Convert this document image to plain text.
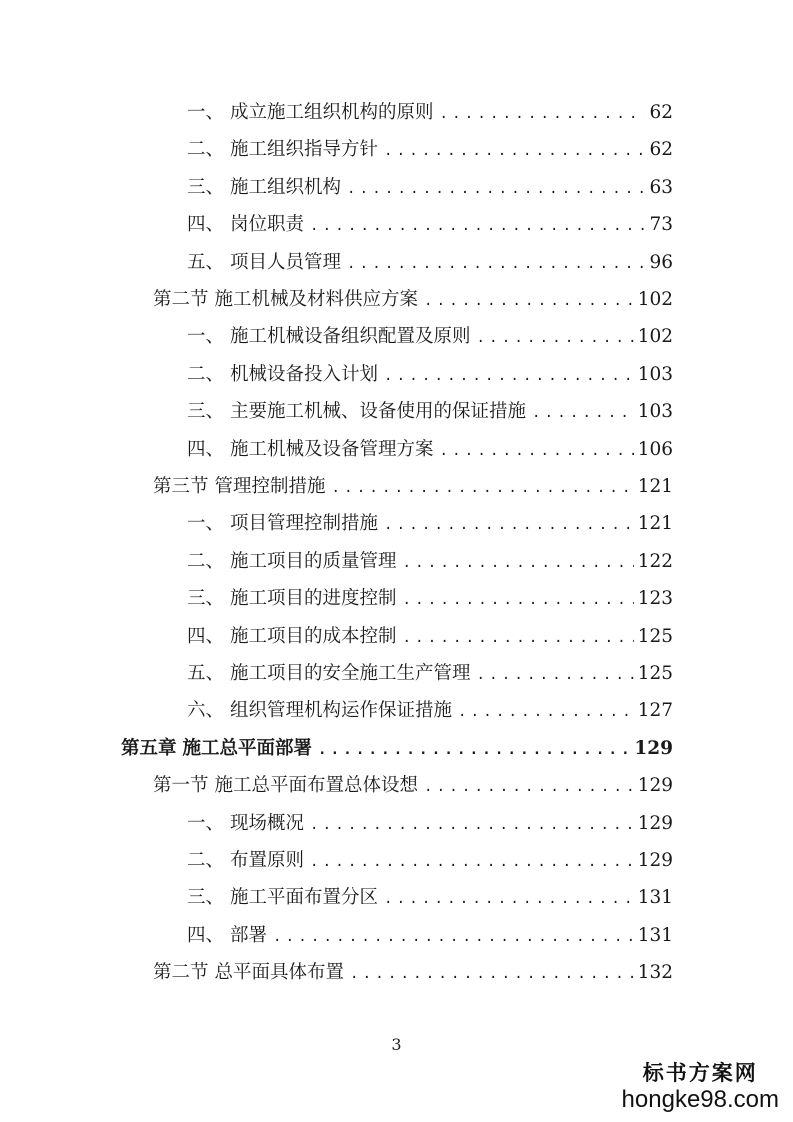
一、 成立施工组织机构的原则 .....	62
二、 施工组织指导方针 .....	62
三、 施工组织机构 .....	63
四、 岗位职责 .....	73
五、 项目人员管理 .....	96
第二节 施工机械及材料供应方案 .....	102
一、 施工机械设备组织配置及原则 .....	102
二、 机械设备投入计划 .....	103
三、 主要施工机械、设备使用的保证措施 .....	103
四、 施工机械及设备管理方案 .....	106
第三节 管理控制措施 .....	121
一、 项目管理控制措施 .....	121
二、 施工项目的质量管理 .....	122
三、 施工项目的进度控制 .....	123
四、 施工项目的成本控制 .....	125
五、 施工项目的安全施工生产管理 .....	125
六、 组织管理机构运作保证措施 .....	127
第五章 施工总平面部署 .....	129
第一节 施工总平面布置总体设想 .....	129
一、 现场概况 .....	129
二、 布置原则 .....	129
三、 施工平面布置分区 .....	131
四、 部署 .....	131
第二节 总平面具体布置 .....	132
3
标书方案网
hongke98.com
